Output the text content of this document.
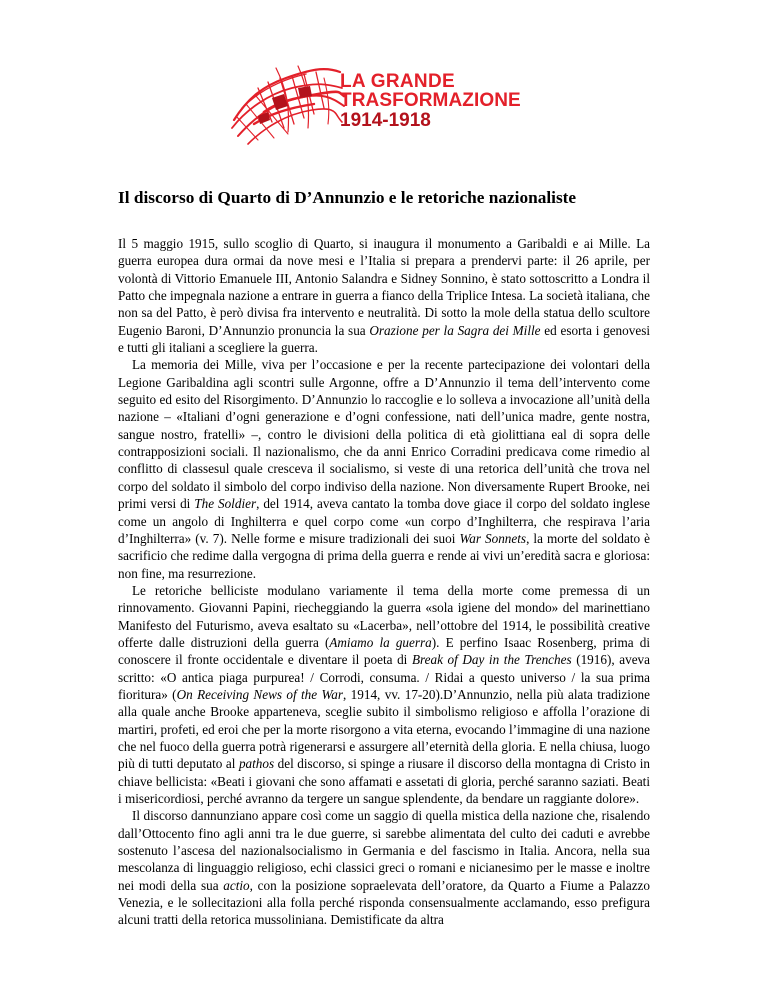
LA GRANDE
TRASFORMAZIONE
1914-1918
Il discorso di Quarto di D’Annunzio e le retoriche nazionaliste

Il 5 maggio 1915, sullo scoglio di Quarto, si inaugura il monumento a Garibaldi e ai Mille. La guerra europea dura ormai da nove mesi e l’Italia si prepara a prendervi parte: il 26 aprile, per volontà di Vittorio Emanuele III, Antonio Salandra e Sidney Sonnino, è stato sottoscritto a Londra il Patto che impegnala nazione a entrare in guerra a fianco della Triplice Intesa. La società italiana, che non sa del Patto, è però divisa fra intervento e neutralità. Di sotto la mole della statua dello scultore Eugenio Baroni, D’Annunzio pronuncia la sua Orazione per la Sagra dei Mille ed esorta i genovesi e tutti gli italiani a scegliere la guerra.

La memoria dei Mille, viva per l’occasione e per la recente partecipazione dei volontari della Legione Garibaldina agli scontri sulle Argonne, offre a D’Annunzio il tema dell’intervento come seguito ed esito del Risorgimento. D’Annunzio lo raccoglie e lo solleva a invocazione all’unità della nazione – «Italiani d’ogni generazione e d’ogni confessione, nati dell’unica madre, gente nostra, sangue nostro, fratelli» –, contro le divisioni della politica di età giolittiana eal di sopra delle contrapposizioni sociali. Il nazionalismo, che da anni Enrico Corradini predicava come rimedio al conflitto di classesul quale cresceva il socialismo, si veste di una retorica dell’unità che trova nel corpo del soldato il simbolo del corpo indiviso della nazione. Non diversamente Rupert Brooke, nei primi versi di The Soldier, del 1914, aveva cantato la tomba dove giace il corpo del soldato inglese come un angolo di Inghilterra e quel corpo come «un corpo d’Inghilterra, che respirava l’aria d’Inghilterra» (v. 7). Nelle forme e misure tradizionali dei suoi War Sonnets, la morte del soldato è sacrificio che redime dalla vergogna di prima della guerra e rende ai vivi un’eredità sacra e gloriosa: non fine, ma resurrezione.

Le retoriche belliciste modulano variamente il tema della morte come premessa di un rinnovamento. Giovanni Papini, riecheggiando la guerra «sola igiene del mondo» del marinettiano Manifesto del Futurismo, aveva esaltato su «Lacerba», nell’ottobre del 1914, le possibilità creative offerte dalle distruzioni della guerra (Amiamo la guerra). E perfino Isaac Rosenberg, prima di conoscere il fronte occidentale e diventare il poeta di Break of Day in the Trenches (1916), aveva scritto: «O antica piaga purpurea! / Corrodi, consuma. / Ridai a questo universo / la sua prima fioritura» (On Receiving News of the War, 1914, vv. 17-20).D’Annunzio, nella più alata tradizione alla quale anche Brooke apparteneva, sceglie subito il simbolismo religioso e affolla l’orazione di martiri, profeti, ed eroi che per la morte risorgono a vita eterna, evocando l’immagine di una nazione che nel fuoco della guerra potrà rigenerarsi e assurgere all’eternità della gloria. E nella chiusa, luogo più di tutti deputato al pathos del discorso, si spinge a riusare il discorso della montagna di Cristo in chiave bellicista: «Beati i giovani che sono affamati e assetati di gloria, perché saranno saziati. Beati i misericordiosi, perché avranno da tergere un sangue splendente, da bendare un raggiante dolore».

Il discorso dannunziano appare così come un saggio di quella mistica della nazione che, risalendo dall’Ottocento fino agli anni tra le due guerre, si sarebbe alimentata del culto dei caduti e avrebbe sostenuto l’ascesa del nazionalsocialismo in Germania e del fascismo in Italia. Ancora, nella sua mescolanza di linguaggio religioso, echi classici greci o romani e nicianesimo per le masse e inoltre nei modi della sua actio, con la posizione sopraelevata dell’oratore, da Quarto a Fiume a Palazzo Venezia, e le sollecitazioni alla folla perché risponda consensualmente acclamando, esso prefigura alcuni tratti della retorica mussoliniana. Demistificate da altra
